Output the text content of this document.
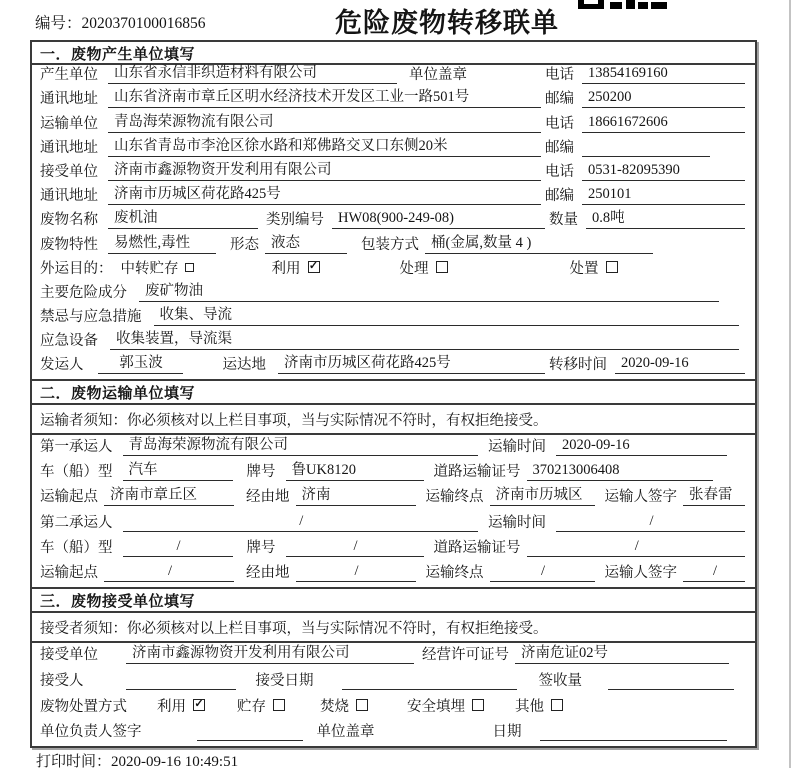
编号：2020370100016856	危险废物转移联单
一．废物产生单位填写
产生单位	山东省永信非织造材料有限公司	单位盖章	电话 13854169160
通讯地址	山东省济南市章丘区明水经济技术开发区工业一路501号	邮编 250200
运输单位	青岛海荣源物流有限公司	电话 18661672606
通讯地址	山东省青岛市李沧区徐水路和郑佛路交叉口东侧20米	邮编
接受单位	济南市鑫源物资开发利用有限公司	电话 0531-82095390
通讯地址	济南市历城区荷花路425号	邮编 250101
废物名称	废机油	类别编号 HW08(900-249-08)	数量 0.8吨
废物特性	易燃性,毒性	形态 液态	包装方式 桶(金属,数量 4 )
外运目的： 中转贮存	利用 ✓	处理	处置
主要危险成分	废矿物油
禁忌与应急措施	收集、导流
应急设备	收集装置，导流渠
发运人	郭玉波	运达地	济南市历城区荷花路425号	转移时间 2020-09-16
二．废物运输单位填写
运输者须知：你必须核对以上栏目事项，当与实际情况不符时，有权拒绝接受。
第一承运人	青岛海荣源物流有限公司	运输时间	2020-09-16
车（船）型	汽车	牌号	鲁UK8120	道路运输证号 370213006408
运输起点 济南市章丘区	经由地 济南	运输终点 济南市历城区	运输人签字 张春雷
第二承运人	/	运输时间	/
车（船）型	/	牌号	/	道路运输证号	/
运输起点	/	经由地	/	运输终点	/	运输人签字	/
三．废物接受单位填写
接受者须知：你必须核对以上栏目事项，当与实际情况不符时，有权拒绝接受。
接受单位	济南市鑫源物资开发利用有限公司	经营许可证号 济南危证02号
接受人	接受日期	签收量
废物处置方式 利用 ✓ 贮存	焚烧	安全填埋	其他
单位负责人签字	单位盖章	日期
打印时间：2020-09-16 10:49:51
